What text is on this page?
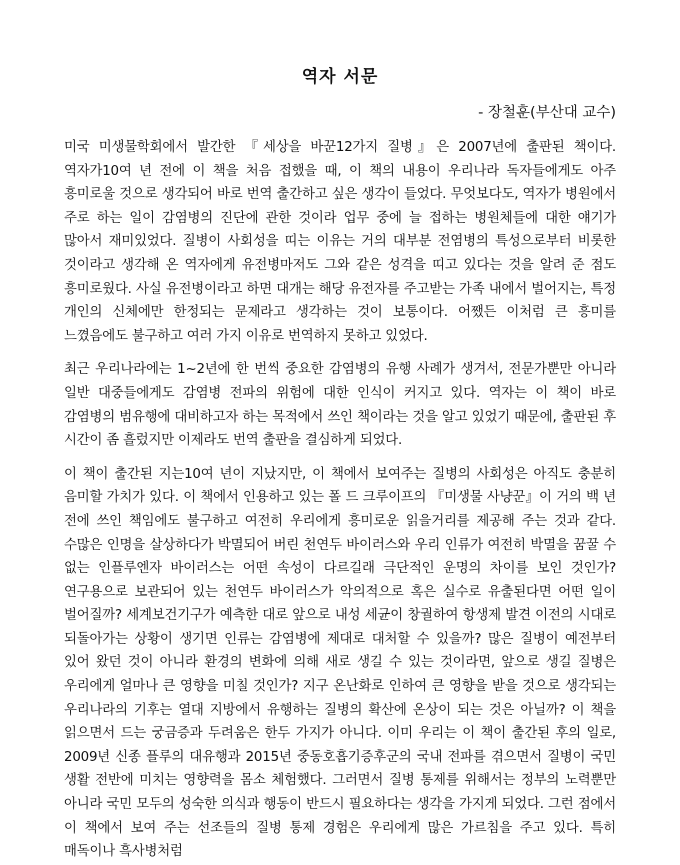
역자 서문

- 장철훈(부산대 교수)

미국 미생물학회에서 발간한 『세상을 바꾼12가지 질병』은 2007년에 출판된 책이다. 역자가10여 년 전에 이 책을 처음 접했을 때, 이 책의 내용이 우리나라 독자들에게도 아주 흥미로울 것으로 생각되어 바로 번역 출간하고 싶은 생각이 들었다. 무엇보다도, 역자가 병원에서 주로 하는 일이 감염병의 진단에 관한 것이라 업무 중에 늘 접하는 병원체들에 대한 얘기가 많아서 재미있었다. 질병이 사회성을 띠는 이유는 거의 대부분 전염병의 특성으로부터 비롯한 것이라고 생각해 온 역자에게 유전병마저도 그와 같은 성격을 띠고 있다는 것을 알려 준 점도 흥미로웠다. 사실 유전병이라고 하면 대개는 해당 유전자를 주고받는 가족 내에서 벌어지는, 특정 개인의 신체에만 한정되는 문제라고 생각하는 것이 보통이다. 어쨌든 이처럼 큰 흥미를 느꼈음에도 불구하고 여러 가지 이유로 번역하지 못하고 있었다.

최근 우리나라에는 1~2년에 한 번씩 중요한 감염병의 유행 사례가 생겨서, 전문가뿐만 아니라 일반 대중들에게도 감염병 전파의 위험에 대한 인식이 커지고 있다. 역자는 이 책이 바로 감염병의 범유행에 대비하고자 하는 목적에서 쓰인 책이라는 것을 알고 있었기 때문에, 출판된 후 시간이 좀 흘렀지만 이제라도 번역 출판을 결심하게 되었다.

이 책이 출간된 지는10여 년이 지났지만, 이 책에서 보여주는 질병의 사회성은 아직도 충분히 음미할 가치가 있다. 이 책에서 인용하고 있는 폴 드 크루이프의 『미생물 사냥꾼』이 거의 백 년 전에 쓰인 책임에도 불구하고 여전히 우리에게 흥미로운 읽을거리를 제공해 주는 것과 같다. 수많은 인명을 살상하다가 박멸되어 버린 천연두 바이러스와 우리 인류가 여전히 박멸을 꿈꿀 수 없는 인플루엔자 바이러스는 어떤 속성이 다르길래 극단적인 운명의 차이를 보인 것인가? 연구용으로 보관되어 있는 천연두 바이러스가 악의적으로 혹은 실수로 유출된다면 어떤 일이 벌어질까? 세계보건기구가 예측한 대로 앞으로 내성 세균이 창궐하여 항생제 발견 이전의 시대로 되돌아가는 상황이 생기면 인류는 감염병에 제대로 대처할 수 있을까? 많은 질병이 예전부터 있어 왔던 것이 아니라 환경의 변화에 의해 새로 생길 수 있는 것이라면, 앞으로 생길 질병은 우리에게 얼마나 큰 영향을 미칠 것인가? 지구 온난화로 인하여 큰 영향을 받을 것으로 생각되는 우리나라의 기후는 열대 지방에서 유행하는 질병의 확산에 온상이 되는 것은 아닐까? 이 책을 읽으면서 드는 궁금증과 두려움은 한두 가지가 아니다. 이미 우리는 이 책이 출간된 후의 일로, 2009년 신종 플루의 대유행과 2015년 중동호흡기증후군의 국내 전파를 겪으면서 질병이 국민 생활 전반에 미치는 영향력을 몸소 체험했다. 그러면서 질병 통제를 위해서는 정부의 노력뿐만 아니라 국민 모두의 성숙한 의식과 행동이 반드시 필요하다는 생각을 가지게 되었다. 그런 점에서 이 책에서 보여 주는 선조들의 질병 통제 경험은 우리에게 많은 가르침을 주고 있다. 특히 매독이나 흑사병처럼
